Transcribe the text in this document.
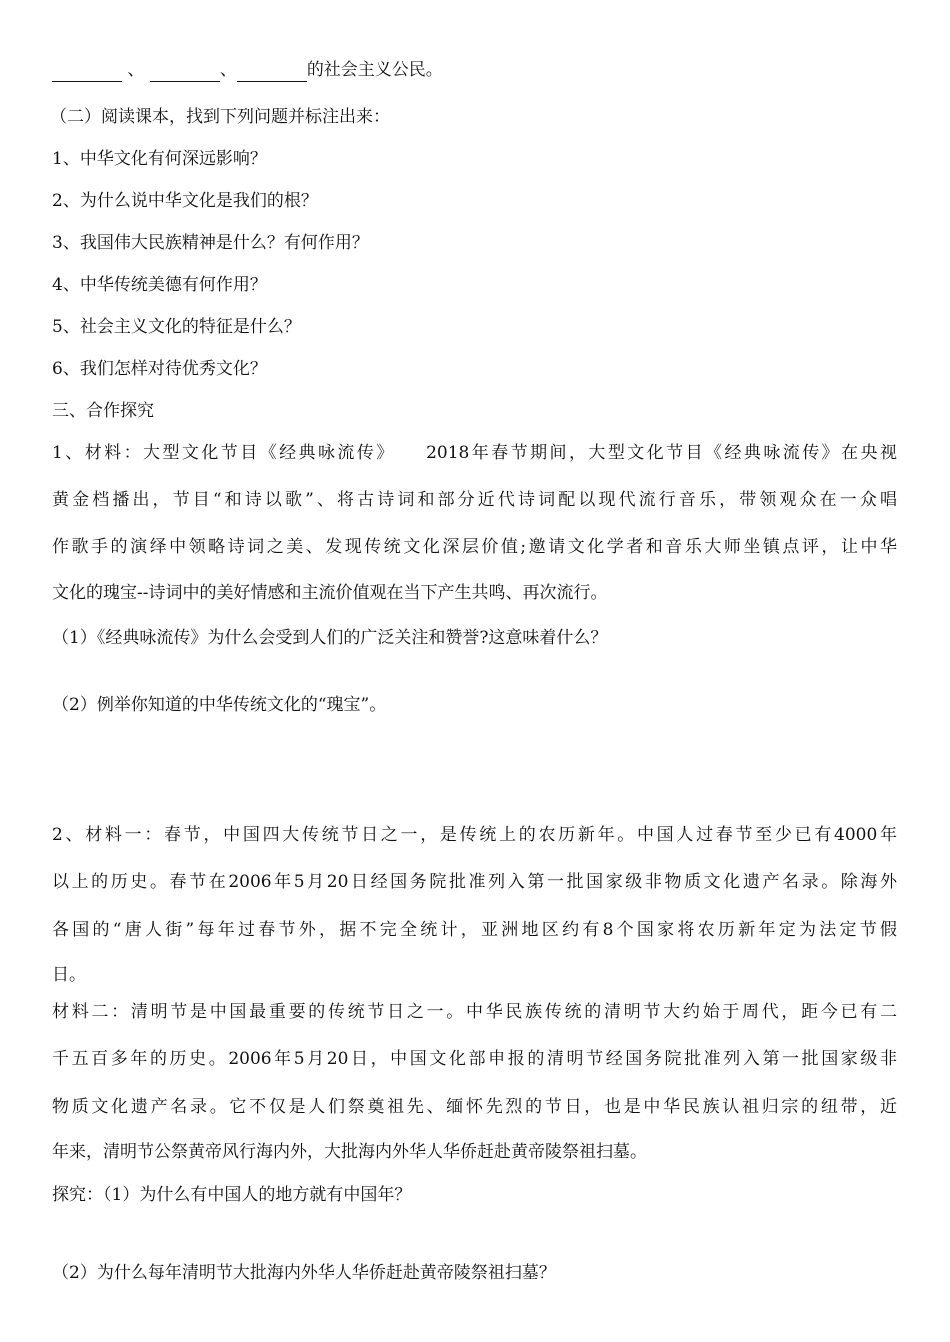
、	、	的社会主义公民。
（二）阅读课本，找到下列问题并标注出来：
1、中华文化有何深远影响？
2、为什么说中华文化是我们的根？
3、我国伟大民族精神是什么？有何作用？
4、中华传统美德有何作用？
5、社会主义文化的特征是什么？
6、我们怎样对待优秀文化？
三、合作探究
1、材料：大型文化节目《经典咏流传》　　2018年春节期间，大型文化节目《经典咏流传》在央视
黄金档播出，节目“和诗以歌”、将古诗词和部分近代诗词配以现代流行音乐，带领观众在一众唱
作歌手的演绎中领略诗词之美、发现传统文化深层价值;邀请文化学者和音乐大师坐镇点评，让中华
文化的瑰宝--诗词中的美好情感和主流价值观在当下产生共鸣、再次流行。
（1）《经典咏流传》为什么会受到人们的广泛关注和赞誉?这意味着什么？
（2）例举你知道的中华传统文化的“瑰宝”。
2、材料一：春节，中国四大传统节日之一，是传统上的农历新年。中国人过春节至少已有4000年
以上的历史。春节在2006年5月20日经国务院批准列入第一批国家级非物质文化遗产名录。除海外
各国的“唐人街”每年过春节外，据不完全统计，亚洲地区约有8个国家将农历新年定为法定节假
日。
材料二：清明节是中国最重要的传统节日之一。中华民族传统的清明节大约始于周代，距今已有二
千五百多年的历史。2006年5月20日，中国文化部申报的清明节经国务院批准列入第一批国家级非
物质文化遗产名录。它不仅是人们祭奠祖先、缅怀先烈的节日，也是中华民族认祖归宗的纽带，近
年来，清明节公祭黄帝风行海内外，大批海内外华人华侨赶赴黄帝陵祭祖扫墓。
探究：（1）为什么有中国人的地方就有中国年？
（2）为什么每年清明节大批海内外华人华侨赶赴黄帝陵祭祖扫墓？
